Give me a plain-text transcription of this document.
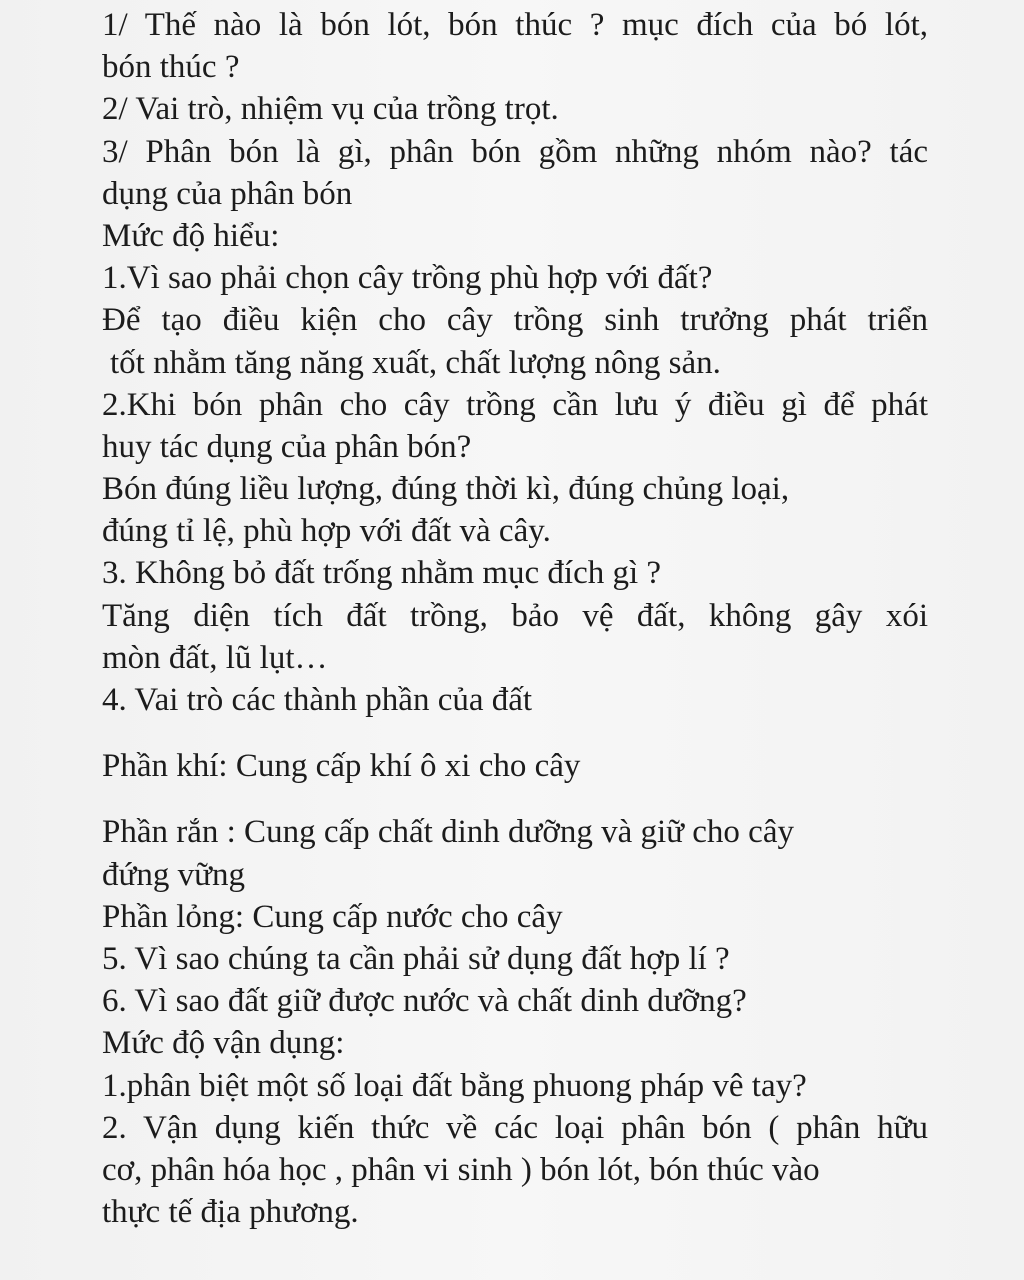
1/ Thế nào là bón lót, bón thúc ? mục đích của bó lót,
bón thúc ?
2/ Vai trò, nhiệm vụ của trồng trọt.
3/ Phân bón là gì, phân bón gồm những nhóm nào? tác
dụng của phân bón
Mức độ hiểu:
1.Vì sao phải chọn cây trồng phù hợp với đất?
Để tạo điều kiện cho cây trồng sinh trưởng phát triển
tốt nhằm tăng năng xuất, chất lượng nông sản.
2.Khi bón phân cho cây trồng cần lưu ý điều gì để phát
huy tác dụng của phân bón?
Bón đúng liều lượng, đúng thời kì, đúng chủng loại,
đúng tỉ lệ, phù hợp với đất và cây.
3. Không bỏ đất trống nhằm mục đích gì ?
Tăng diện tích đất trồng, bảo vệ đất, không gây xói
mòn đất, lũ lụt…
4. Vai trò các thành phần của đất
Phần khí: Cung cấp khí ô xi cho cây
Phần rắn : Cung cấp chất dinh dưỡng và giữ cho cây
đứng vững
Phần lỏng: Cung cấp nước cho cây
5. Vì sao chúng ta cần phải sử dụng đất hợp lí ?
6. Vì sao đất giữ được nước và chất dinh dưỡng?
Mức độ vận dụng:
1.phân biệt một số loại đất bằng phuong pháp vê tay?
2. Vận dụng kiến thức về các loại phân bón ( phân hữu
cơ, phân hóa học , phân vi sinh ) bón lót, bón thúc vào
thực tế địa phương.
